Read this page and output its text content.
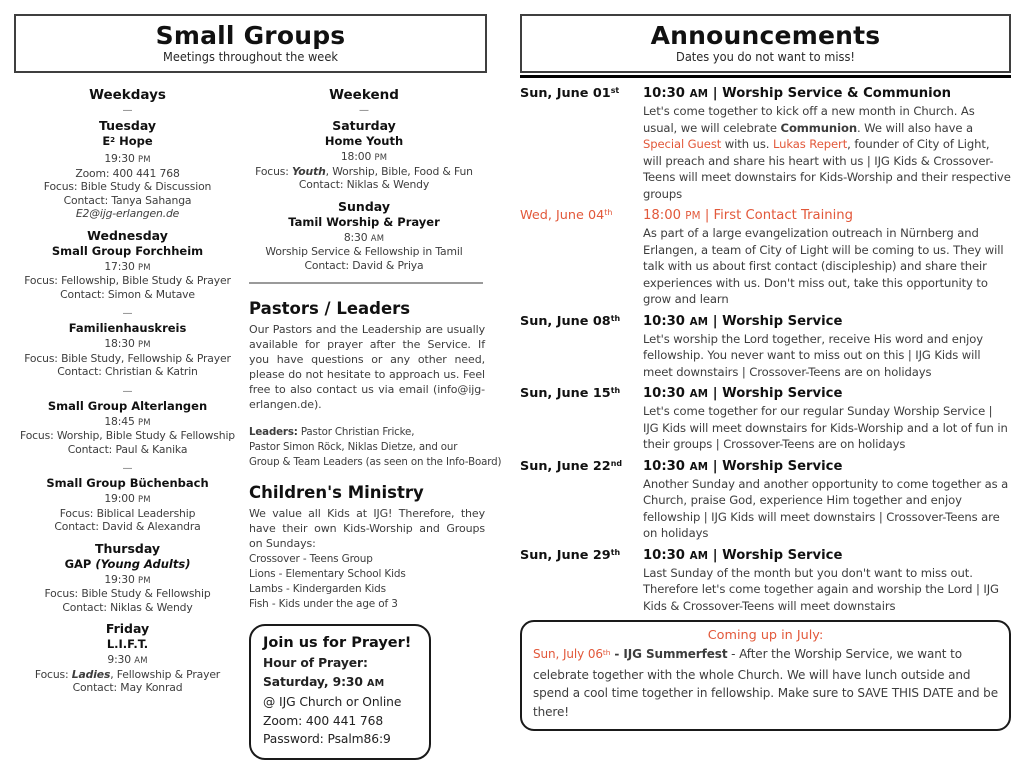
Small Groups
Meetings throughout the week
Weekdays
—
Tuesday
$E^2$ Hope
19:30 PM
Zoom: 400 441 768
Focus: Bible Study & Discussion
Contact: Tanya Sahanga
E2@ijg-erlangen.de
Wednesday
Small Group Forchheim
17:30 PM
Focus: Fellowship, Bible Study & Prayer
Contact: Simon & Mutave
—
Familienhauskreis
18:30 PM
Focus: Bible Study, Fellowship & Prayer
Contact: Christian & Katrin
—
Small Group Alterlangen
18:45 PM
Focus: Worship, Bible Study & Fellowship
Contact: Paul & Kanika
—
Small Group Büchenbach
19:00 PM
Focus: Biblical Leadership
Contact: David & Alexandra
Thursday
GAP (Young Adults)
19:30 PM
Focus: Bible Study & Fellowship
Contact: Niklas & Wendy
Friday
L.I.F.T.
9:30 AM
Focus: Ladies, Fellowship & Prayer
Contact: May Konrad
Weekend
—
Saturday
Home Youth
18:00 PM
Focus: Youth, Worship, Bible, Food & Fun
Contact: Niklas & Wendy
Sunday
Tamil Worship & Prayer
8:30 AM
Worship Service & Fellowship in Tamil
Contact: David & Priya
Pastors / Leaders
Our Pastors and the Leadership are usually available for prayer after the Service. If you have questions or any other need, please do not hesitate to approach us. Feel free to also contact us via email (info@ijg-erlangen.de).
Leaders: Pastor Christian Fricke,
Pastor Simon Röck, Niklas Dietze, and our
Group & Team Leaders (as seen on the Info-Board)
Children's Ministry
We value all Kids at IJG! Therefore, they have their own Kids-Worship and Groups on Sundays:
Crossover - Teens Group
Lions - Elementary School Kids
Lambs - Kindergarden Kids
Fish - Kids under the age of 3
Join us for Prayer!
Hour of Prayer:
Saturday, 9:30 AM
@ IJG Church or Online
Zoom: 400 441 768
Password: Psalm86:9
Announcements
Dates you do not want to miss!
Sun, June 01st	10:30 AM | Worship Service & Communion
Let's come together to kick off a new month in Church. As usual, we will celebrate Communion. We will also have a Special Guest with us. Lukas Repert, founder of City of Light, will preach and share his heart with us | IJG Kids & Crossover-Teens will meet downstairs for Kids-Worship and their respective groups
Wed, June 04th	18:00 PM | First Contact Training
As part of a large evangelization outreach in Nürnberg and Erlangen, a team of City of Light will be coming to us. They will talk with us about first contact (discipleship) and share their experiences with us. Don't miss out, take this opportunity to grow and learn
Sun, June 08th	10:30 AM | Worship Service
Let's worship the Lord together, receive His word and enjoy fellowship. You never want to miss out on this | IJG Kids will meet downstairs | Crossover-Teens are on holidays
Sun, June 15th	10:30 AM | Worship Service
Let's come together for our regular Sunday Worship Service | IJG Kids will meet downstairs for Kids-Worship and a lot of fun in their groups | Crossover-Teens are on holidays
Sun, June 22nd	10:30 AM | Worship Service
Another Sunday and another opportunity to come together as a Church, praise God, experience Him together and enjoy fellowship | IJG Kids will meet downstairs | Crossover-Teens are on holidays
Sun, June 29th	10:30 AM | Worship Service
Last Sunday of the month but you don't want to miss out. Therefore let's come together again and worship the Lord | IJG Kids & Crossover-Teens will meet downstairs
Coming up in July:
Sun, July 06th - IJG Summerfest - After the Worship Service, we want to celebrate together with the whole Church. We will have lunch outside and spend a cool time together in fellowship. Make sure to SAVE THIS DATE and be there!
